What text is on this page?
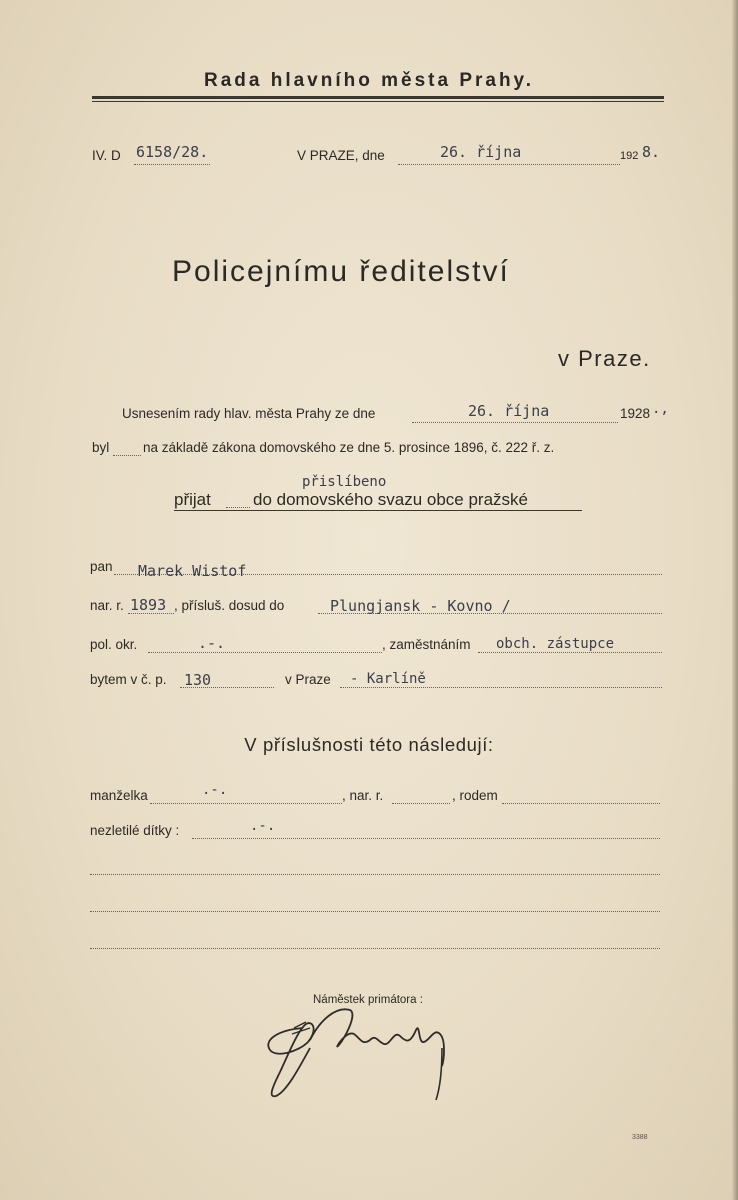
Rada hlavního města Prahy.
IV. D 6158/28.	V PRAZE, dne	26. října	192 8.
Policejnímu ředitelství
v Praze.
Usnesením rady hlav. města Prahy ze dne	26. října	1928 .,
byl na základě zákona domovského ze dne 5. prosince 1896, č. 222 ř. z.
přislíbeno
přijat do domovského svazu obce pražské
pan Marek Wistof
nar. r. 1893 , přísluš. dosud do	Plungjansk - Kovno /
pol. okr.	.-.	, zaměstnáním obch. zástupce
bytem v č. p. 130	v Praze - Karlíně
V příslušnosti této následují:
manželka	.-.	, nar. r.	, rodem
nezletilé dítky :	.-.
Náměstek primátora :
3388
